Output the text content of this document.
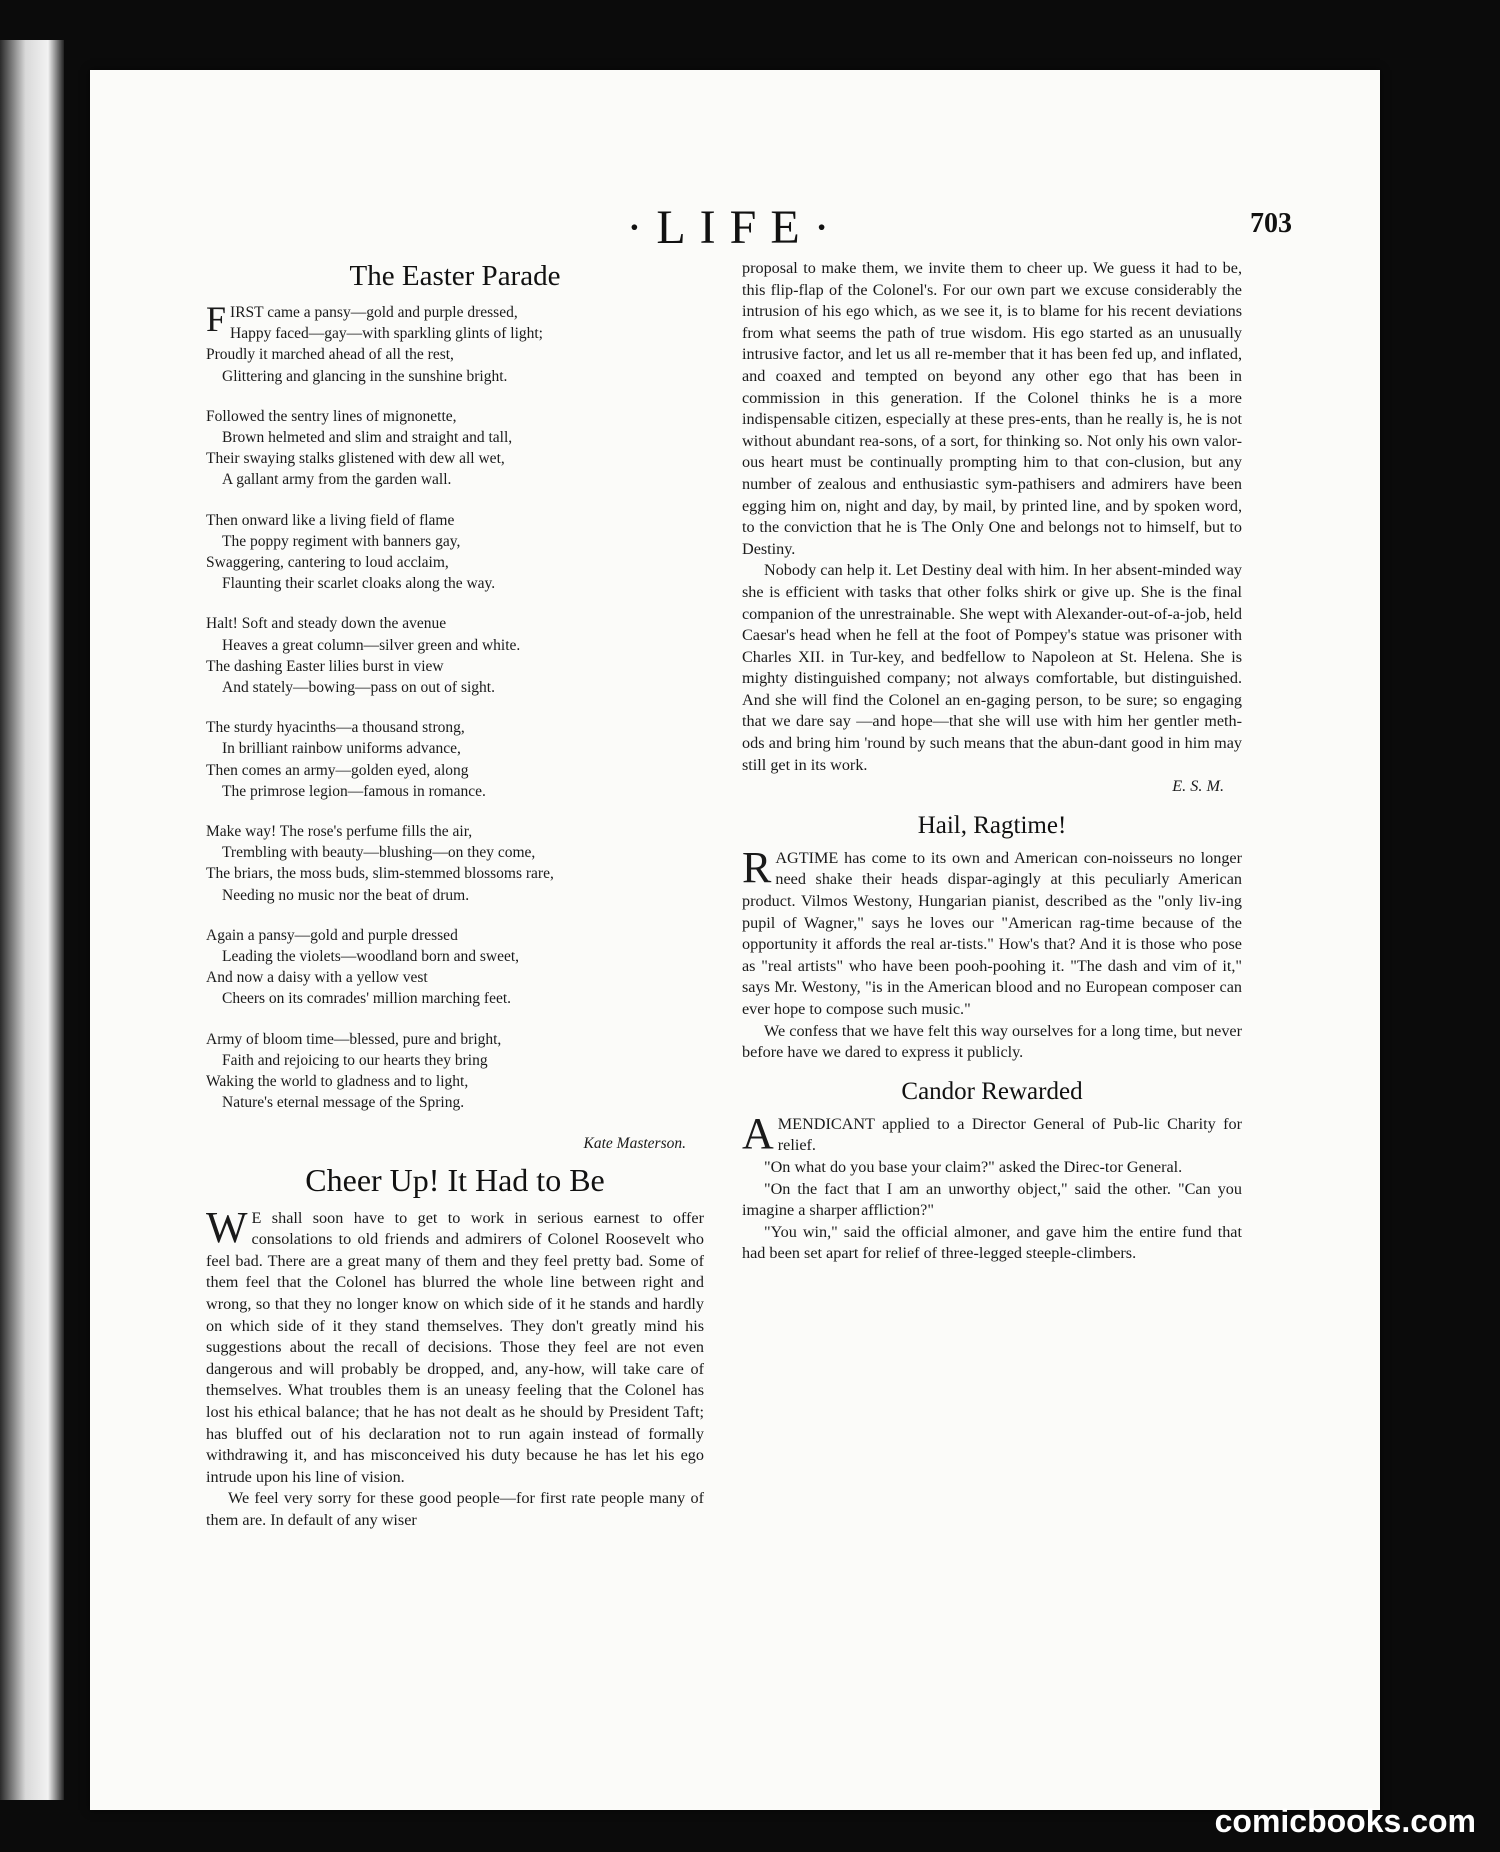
·LIFE·	703
The Easter Parade
FIRST came a pansy—gold and purple dressed,
Happy faced—gay—with sparkling glints of light;
Proudly it marched ahead of all the rest,
Glittering and glancing in the sunshine bright.
Followed the sentry lines of mignonette,
Brown helmeted and slim and straight and tall,
Their swaying stalks glistened with dew all wet,
A gallant army from the garden wall.
Then onward like a living field of flame
The poppy regiment with banners gay,
Swaggering, cantering to loud acclaim,
Flaunting their scarlet cloaks along the way.
Halt! Soft and steady down the avenue
Heaves a great column—silver green and white.
The dashing Easter lilies burst in view
And stately—bowing—pass on out of sight.
The sturdy hyacinths—a thousand strong,
In brilliant rainbow uniforms advance,
Then comes an army—golden eyed, along
The primrose legion—famous in romance.
Make way! The rose's perfume fills the air,
Trembling with beauty—blushing—on they come,
The briars, the moss buds, slim-stemmed blossoms rare,
Needing no music nor the beat of drum.
Again a pansy—gold and purple dressed
Leading the violets—woodland born and sweet,
And now a daisy with a yellow vest
Cheers on its comrades' million marching feet.
Army of bloom time—blessed, pure and bright,
Faith and rejoicing to our hearts they bring
Waking the world to gladness and to light,
Nature's eternal message of the Spring.
Kate Masterson.
Cheer Up! It Had to Be

W E shall soon have to get to work in serious earnest to offer consolations to old friends and admirers of Colonel Roosevelt who feel bad. There are a great many of them and they feel pretty bad. Some of them feel that the Colonel has blurred the whole line between right and wrong, so that they no longer know on which side of it he stands and hardly on which side of it they stand themselves. They don't greatly mind his suggestions about the recall of decisions. Those they feel are not even dangerous and will probably be dropped, and, any-how, will take care of themselves. What troubles them is an uneasy feeling that the Colonel has lost his ethical balance; that he has not dealt as he should by President Taft; has bluffed out of his declaration not to run again instead of formally withdrawing it, and has misconceived his duty because he has let his ego intrude upon his line of vision.

We feel very sorry for these good people—for first rate people many of them are. In default of any wiser

proposal to make them, we invite them to cheer up. We guess it had to be, this flip-flap of the Colonel's. For our own part we excuse considerably the intrusion of his ego which, as we see it, is to blame for his recent deviations from what seems the path of true wisdom. His ego started as an unusually intrusive factor, and let us all re-member that it has been fed up, and inflated, and coaxed and tempted on beyond any other ego that has been in commission in this generation. If the Colonel thinks he is a more indispensable citizen, especially at these pres-ents, than he really is, he is not without abundant rea-sons, of a sort, for thinking so. Not only his own valor-ous heart must be continually prompting him to that con-clusion, but any number of zealous and enthusiastic sym-pathisers and admirers have been egging him on, night and day, by mail, by printed line, and by spoken word, to the conviction that he is The Only One and belongs not to himself, but to Destiny.

Nobody can help it. Let Destiny deal with him. In her absent-minded way she is efficient with tasks that other folks shirk or give up. She is the final companion of the unrestrainable. She wept with Alexander-out-of-a-job, held Caesar's head when he fell at the foot of Pompey's statue was prisoner with Charles XII. in Tur-key, and bedfellow to Napoleon at St. Helena. She is mighty distinguished company; not always comfortable, but distinguished. And she will find the Colonel an en-gaging person, to be sure; so engaging that we dare say —and hope—that she will use with him her gentler meth-ods and bring him 'round by such means that the abun-dant good in him may still get in its work.

E. S. M.
Hail, Ragtime!

RAGTIME has come to its own and American con-noisseurs no longer need shake their heads dispar-agingly at this peculiarly American product. Vilmos Westony, Hungarian pianist, described as the "only liv-ing pupil of Wagner," says he loves our "American rag-time because of the opportunity it affords the real ar-tists." How's that? And it is those who pose as "real artists" who have been pooh-poohing it. "The dash and vim of it," says Mr. Westony, "is in the American blood and no European composer can ever hope to compose such music."

We confess that we have felt this way ourselves for a long time, but never before have we dared to express it publicly.

Candor Rewarded

AMENDICANT applied to a Director General of Pub-lic Charity for relief.

"On what do you base your claim?" asked the Direc-tor General.

"On the fact that I am an unworthy object," said the other. "Can you imagine a sharper affliction?"

"You win," said the official almoner, and gave him the entire fund that had been set apart for relief of three-legged steeple-climbers.

comicbooks.com
